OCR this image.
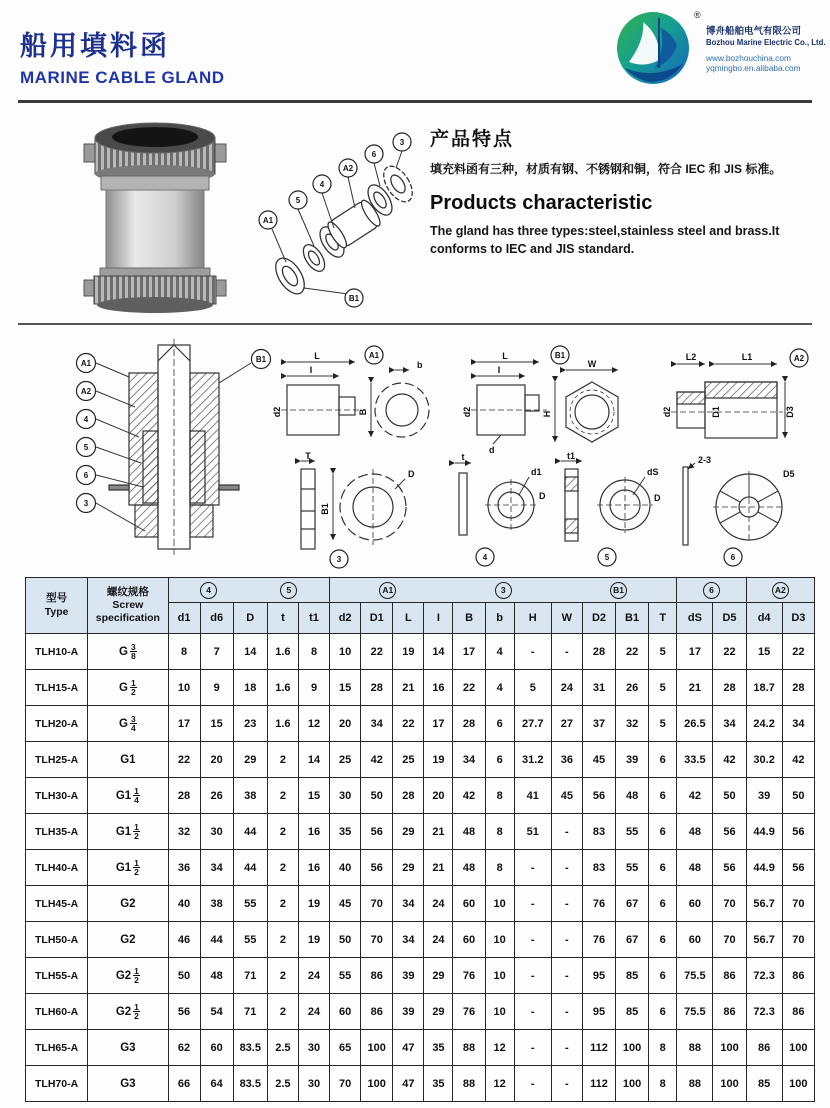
船用填料函
MARINE CABLE GLAND
®
博舟船舶电气有限公司
Bozhou Marine Electric Co., Ltd.
www.bozhouchina.com
yqmingbo.en.alibaba.com
3
6
A2
4
5
A1
B1
产品特点
填充料函有三种，材质有钢、不锈钢和铜，符合 IEC 和 JIS 标准。
Products characteristic
The gland has three types:steel,stainless steel and brass.It conforms to IEC and JIS standard.
A1
A2
4
5
6
3
B1	L
I
d2
b
B
A1
T
B1
D
3
L
I
d2
d
W
H
B1
t
d1
D
4
t1
dS
D
5
L2	L1
d2	D1	D3
A2
2-3
D5
6
型号
Type

螺纹规格
Screw specification

4	5	A1	3	B1	6	A2

		d1	d6	D	t	t1	d2	D1	L	I	B	b	H	W	D2	B1	T	dS	D5	d4	D3
TLH10-A	G $\frac{3}{8}$	8	7	14	1.6	8	10	22	19	14	17	4	-	-	28	22	5	17	22	15	22
TLH15-A	G $\frac{1}{2}$	10	9	18	1.6	9	15	28	21	16	22	4	5	24	31	26	5	21	28	18.7	28
TLH20-A	G $\frac{3}{4}$	17	15	23	1.6	12	20	34	22	17	28	6	27.7	27	37	32	5	26.5	34	24.2	34
TLH25-A	G1	22	20	29	2	14	25	42	25	19	34	6	31.2	36	45	39	6	33.5	42	30.2	42
TLH30-A	$G1 \frac{1}{4}$	28	26	38	2	15	30	50	28	20	42	8	41	45	56	48	6	42	50	39	50
TLH35-A	$G1 \frac{1}{2}$	32	30	44	2	16	35	56	29	21	48	8	51	-	83	55	6	48	56	44.9	56
TLH40-A	$G1 \frac{1}{2}$	36	34	44	2	16	40	56	29	21	48	8	-	-	83	55	6	48	56	44.9	56
TLH45-A	G2	40	38	55	2	19	45	70	34	24	60	10	-	-	76	67	6	60	70	56.7	70
TLH50-A	G2	46	44	55	2	19	50	70	34	24	60	10	-	-	76	67	6	60	70	56.7	70
TLH55-A	$G2 \frac{1}{2}$	50	48	71	2	24	55	86	39	29	76	10	-	-	95	85	6	75.5	86	72.3	86
TLH60-A	$G2 \frac{1}{2}$	56	54	71	2	24	60	86	39	29	76	10	-	-	95	85	6	75.5	86	72.3	86
TLH65-A	G3	62	60	83.5	2.5	30	65	100	47	35	88	12	-	-	112	100	8	88	100	86	100
TLH70-A	G3	66	64	83.5	2.5	30	70	100	47	35	88	12	-	-	112	100	8	88	100	85	100
